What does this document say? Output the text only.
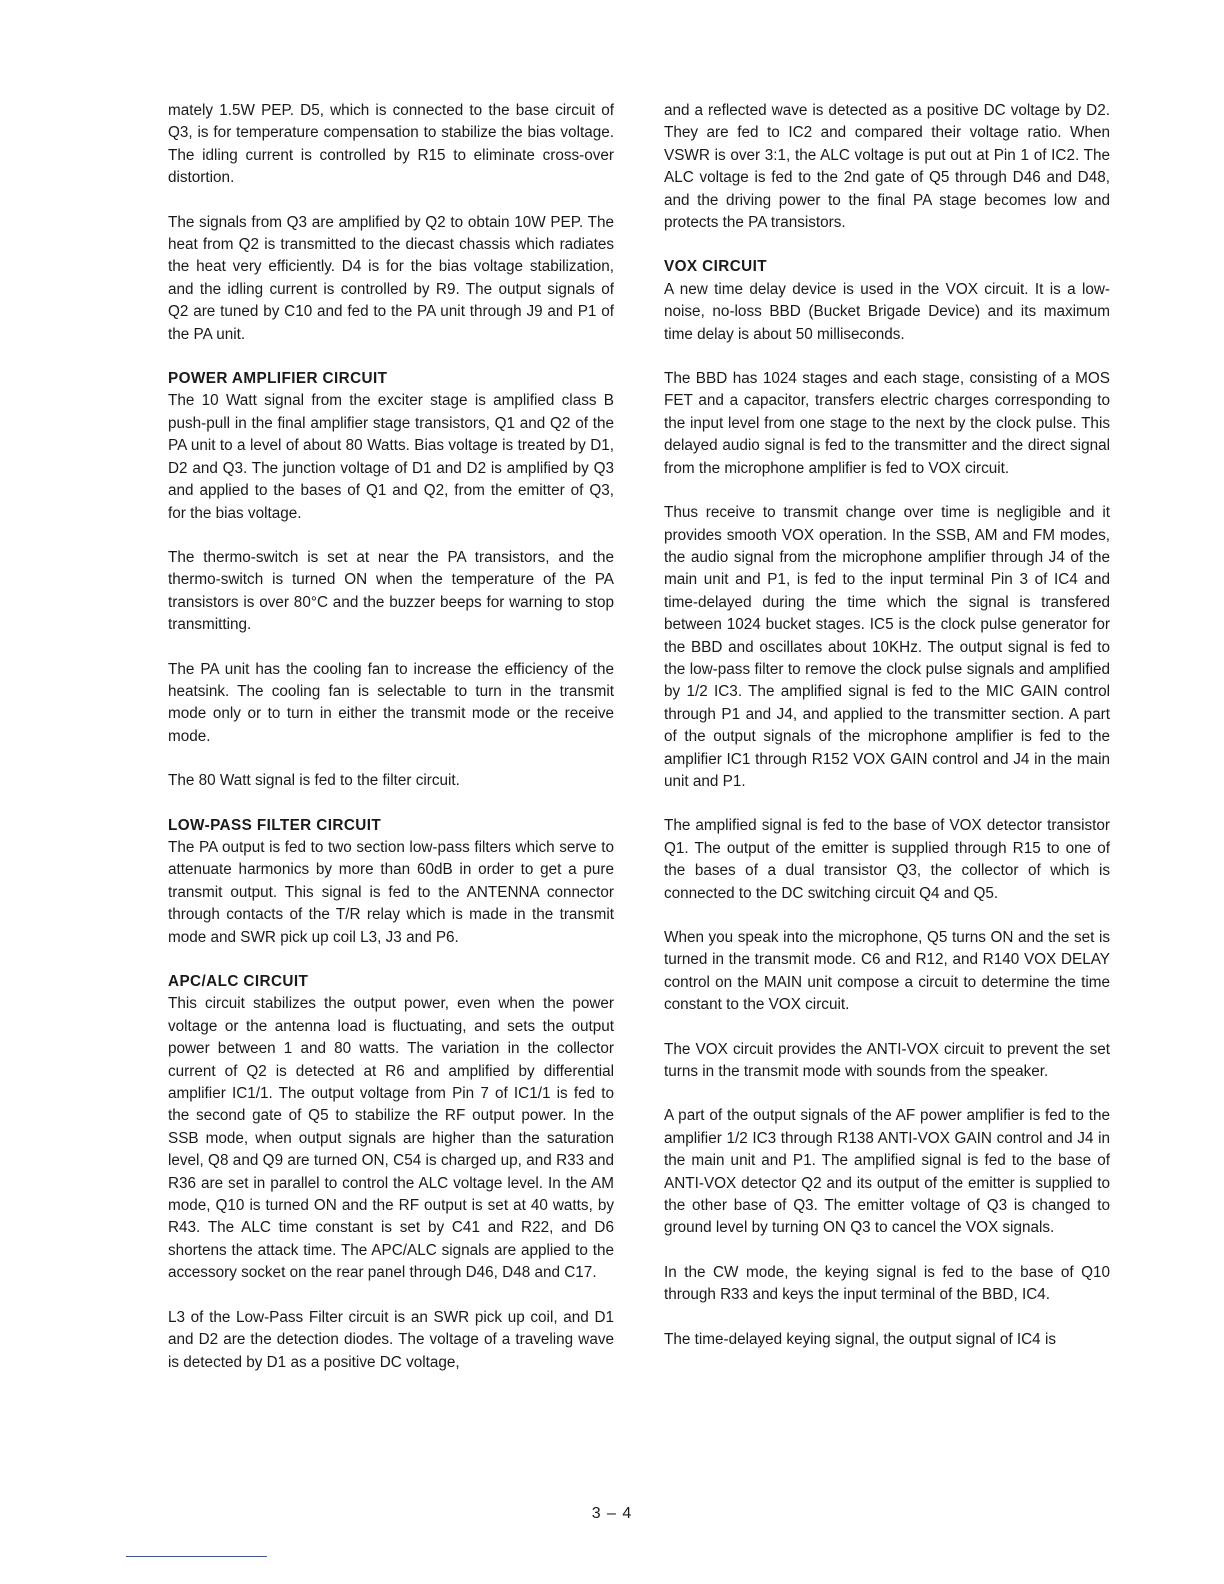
mately 1.5W PEP. D5, which is connected to the base circuit of Q3, is for temperature compensation to stabilize the bias voltage. The idling current is controlled by R15 to eliminate cross-over distortion.

The signals from Q3 are amplified by Q2 to obtain 10W PEP. The heat from Q2 is transmitted to the diecast chassis which radiates the heat very efficiently. D4 is for the bias voltage stabilization, and the idling current is controlled by R9. The output signals of Q2 are tuned by C10 and fed to the PA unit through J9 and P1 of the PA unit.

POWER AMPLIFIER CIRCUIT

The 10 Watt signal from the exciter stage is amplified class B push-pull in the final amplifier stage transistors, Q1 and Q2 of the PA unit to a level of about 80 Watts. Bias voltage is treated by D1, D2 and Q3. The junction voltage of D1 and D2 is amplified by Q3 and applied to the bases of Q1 and Q2, from the emitter of Q3, for the bias voltage.

The thermo-switch is set at near the PA transistors, and the thermo-switch is turned ON when the temperature of the PA transistors is over 80°C and the buzzer beeps for warning to stop transmitting.

The PA unit has the cooling fan to increase the efficiency of the heatsink. The cooling fan is selectable to turn in the transmit mode only or to turn in either the transmit mode or the receive mode.

The 80 Watt signal is fed to the filter circuit.

LOW-PASS FILTER CIRCUIT

The PA output is fed to two section low-pass filters which serve to attenuate harmonics by more than 60dB in order to get a pure transmit output. This signal is fed to the ANTENNA connector through contacts of the T/R relay which is made in the transmit mode and SWR pick up coil L3, J3 and P6.

APC/ALC CIRCUIT

This circuit stabilizes the output power, even when the power voltage or the antenna load is fluctuating, and sets the output power between 1 and 80 watts. The variation in the collector current of Q2 is detected at R6 and amplified by differential amplifier IC1/1. The output voltage from Pin 7 of IC1/1 is fed to the second gate of Q5 to stabilize the RF output power. In the SSB mode, when output signals are higher than the saturation level, Q8 and Q9 are turned ON, C54 is charged up, and R33 and R36 are set in parallel to control the ALC voltage level. In the AM mode, Q10 is turned ON and the RF output is set at 40 watts, by R43. The ALC time constant is set by C41 and R22, and D6 shortens the attack time. The APC/ALC signals are applied to the accessory socket on the rear panel through D46, D48 and C17.

L3 of the Low-Pass Filter circuit is an SWR pick up coil, and D1 and D2 are the detection diodes. The voltage of a traveling wave is detected by D1 as a positive DC voltage,

and a reflected wave is detected as a positive DC voltage by D2. They are fed to IC2 and compared their voltage ratio. When VSWR is over 3:1, the ALC voltage is put out at Pin 1 of IC2. The ALC voltage is fed to the 2nd gate of Q5 through D46 and D48, and the driving power to the final PA stage becomes low and protects the PA transistors.

VOX CIRCUIT

A new time delay device is used in the VOX circuit. It is a low-noise, no-loss BBD (Bucket Brigade Device) and its maximum time delay is about 50 milliseconds.

The BBD has 1024 stages and each stage, consisting of a MOS FET and a capacitor, transfers electric charges corresponding to the input level from one stage to the next by the clock pulse. This delayed audio signal is fed to the transmitter and the direct signal from the microphone amplifier is fed to VOX circuit.

Thus receive to transmit change over time is negligible and it provides smooth VOX operation. In the SSB, AM and FM modes, the audio signal from the microphone amplifier through J4 of the main unit and P1, is fed to the input terminal Pin 3 of IC4 and time-delayed during the time which the signal is transfered between 1024 bucket stages. IC5 is the clock pulse generator for the BBD and oscillates about 10KHz. The output signal is fed to the low-pass filter to remove the clock pulse signals and amplified by 1/2 IC3. The amplified signal is fed to the MIC GAIN control through P1 and J4, and applied to the transmitter section. A part of the output signals of the microphone amplifier is fed to the amplifier IC1 through R152 VOX GAIN control and J4 in the main unit and P1.

The amplified signal is fed to the base of VOX detector transistor Q1. The output of the emitter is supplied through R15 to one of the bases of a dual transistor Q3, the collector of which is connected to the DC switching circuit Q4 and Q5.

When you speak into the microphone, Q5 turns ON and the set is turned in the transmit mode. C6 and R12, and R140 VOX DELAY control on the MAIN unit compose a circuit to determine the time constant to the VOX circuit.

The VOX circuit provides the ANTI-VOX circuit to prevent the set turns in the transmit mode with sounds from the speaker.

A part of the output signals of the AF power amplifier is fed to the amplifier 1/2 IC3 through R138 ANTI-VOX GAIN control and J4 in the main unit and P1. The amplified signal is fed to the base of ANTI-VOX detector Q2 and its output of the emitter is supplied to the other base of Q3. The emitter voltage of Q3 is changed to ground level by turning ON Q3 to cancel the VOX signals.

In the CW mode, the keying signal is fed to the base of Q10 through R33 and keys the input terminal of the BBD, IC4.

The time-delayed keying signal, the output signal of IC4 is

3 – 4
